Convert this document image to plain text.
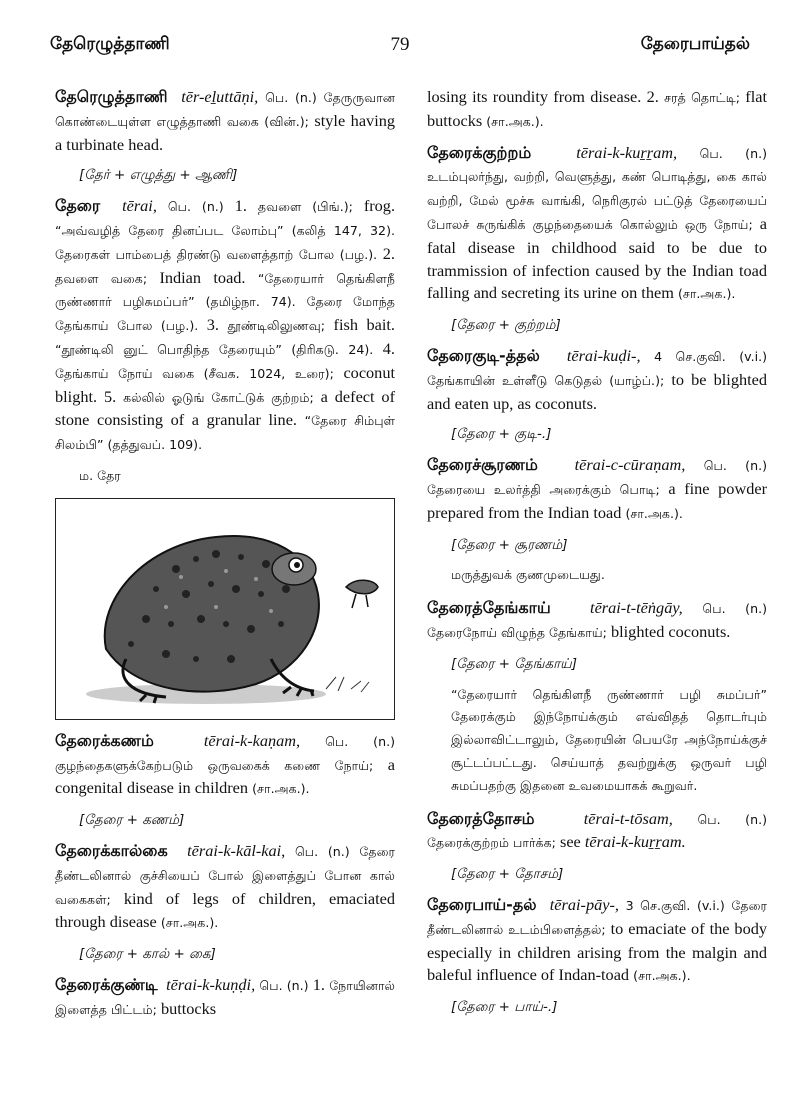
தேரெழுத்தாணி	79	தேரைபாய்தல்
தேரெழுத்தாணி tēr-eḻuttāṇi, பெ. (n.) தேருருவான கொண்டையுள்ள எழுத்தாணி வகை (வின்.); style having a turbinate head.
[தேர் + எழுத்து + ஆணி]
தேரை tērai, பெ. (n.) 1. தவளை (பிங்.); frog. “அவ்வழித் தேரை தினப்பட லோம்பு” (கலித் 147, 32). தேரைகள் பாம்பைத் திரண்டு வளைத்தாற் போல (பழ.). 2. தவளை வகை; Indian toad. “தேரையார் தெங்கிளநீ ருண்ணார் பழிசுமப்பர்” (தமிழ்நா. 74). தேரை மோந்த தேங்காய் போல (பழ.). 3. தூண்டிலிலுணவு; fish bait. “தூண்டிலி னுட் பொதிந்த தேரையும்” (திரிகடு. 24). 4. தேங்காய் நோய் வகை (சீவக. 1024, உரை); coconut blight. 5. கல்லில் ஓடுங் கோட்டுக் குற்றம்; a defect of stone consisting of a granular line. “தேரை சிம்புள் சிலம்பி” (தத்துவப். 109).
ம. தேர
தேரைக்கணம்	tērai-k-kaṇam, பெ. (n.) குழந்தைகளுக்கேற்படும் ஒருவகைக் கணை நோய்; a congenital disease in children (சா.அக.).
[தேரை + கணம்]
தேரைக்கால்கை tērai-k-kāl-kai, பெ. (n.) தேரை தீண்டலினால் குச்சியைப் போல் இளைத்துப் போன கால் வகைகள்; kind of legs of children, emaciated through disease (சா.அக.).
[தேரை + கால் + கை]
தேரைக்குண்டி tērai-k-kuṇḍi, பெ. (n.) 1. நோயினால் இளைத்த பிட்டம்; buttocks
losing its roundity from disease. 2. சரத் தொட்டி; flat buttocks (சா.அக.).
தேரைக்குற்றம்	tērai-k-kuṟṟam, பெ. (n.) உடம்புலர்ந்து, வற்றி, வெளுத்து, கண் பொடித்து, கை கால் வற்றி, மேல் மூச்சு வாங்கி, நெரிகுரல் பட்டுத் தேரையைப் போலச் சுருங்கிக் குழந்தையைக் கொல்லும் ஒரு நோய்; a fatal disease in childhood said to be due to trammission of infection caused by the Indian toad falling and secreting its urine on them (சா.அக.).
[தேரை + குற்றம்]
தேரைகுடி-த்தல் tērai-kuḍi-, 4 செ.குவி. (v.i.) தேங்காயின் உள்ளீடு கெடுதல் (யாழ்ப்.); to be blighted and eaten up, as coconuts.
[தேரை + குடி-.]
தேரைச்சூரணம் tērai-c-cūraṇam, பெ. (n.) தேரையை உலர்த்தி அரைக்கும் பொடி; a fine powder prepared from the Indian toad (சா.அக.).
[தேரை + சூரணம்]
மருத்துவக் குணமுடையது.
தேரைத்தேங்காய் tērai-t-tēṅgāy, பெ. (n.) தேரைநோய் விழுந்த தேங்காய்; blighted coconuts.
[தேரை + தேங்காய்]
“தேரையார் தெங்கிளநீ ருண்ணார் பழி சுமப்பர்” தேரைக்கும் இந்நோய்க்கும் எவ்விதத் தொடர்பும் இல்லாவிட்டாலும், தேரையின் பெயரே அந்நோய்க்குச் சூட்டப்பட்டது. செய்யாத் தவற்றுக்கு ஒருவர் பழி சுமப்பதற்கு இதனை உவமையாகக் கூறுவர்.
தேரைத்தோசம்	tērai-t-tōsam, பெ. (n.) தேரைக்குற்றம் பார்க்க; see tērai-k-kuṟṟam.
[தேரை + தோசம்]
தேரைபாய்-தல் tērai-pāy-, 3 செ.குவி. (v.i.) தேரை தீண்டலினால் உடம்பிளைத்தல்; to emaciate of the body especially in children arising from the malgin and baleful influence of Indan-toad (சா.அக.).
[தேரை + பாய்-.]
